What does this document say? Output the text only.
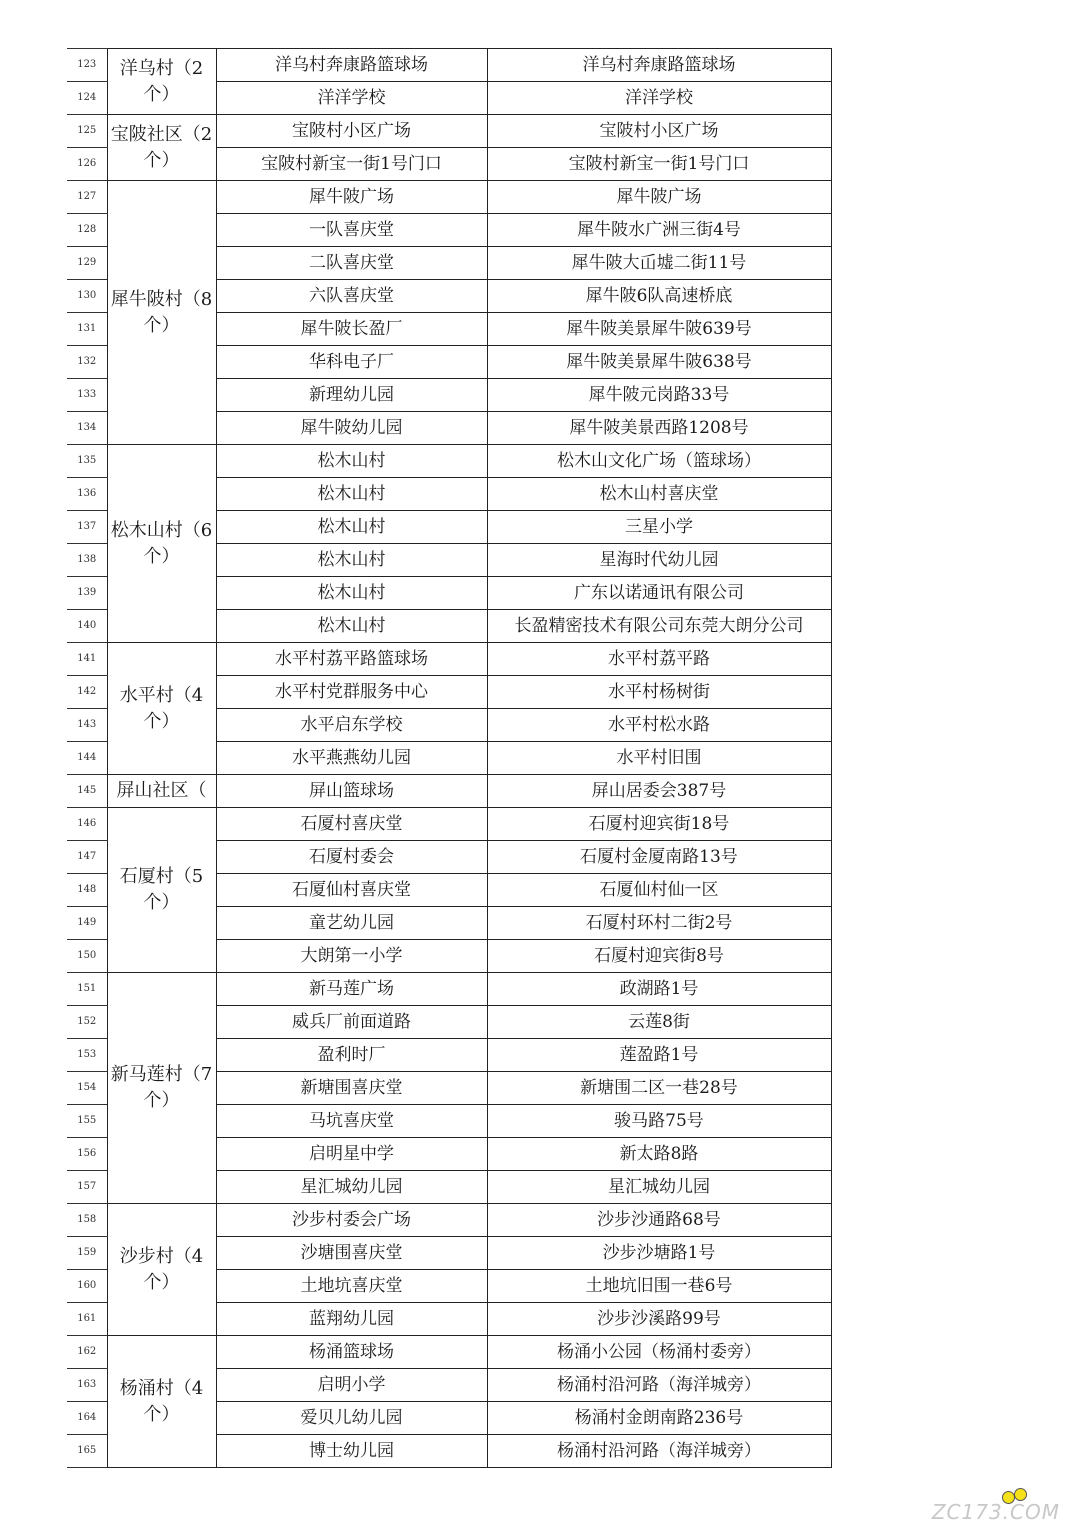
123	洋乌村（2个）	洋乌村奔康路篮球场	洋乌村奔康路篮球场
124		洋洋学校	洋洋学校
125	宝陂社区（2个）	宝陂村小区广场	宝陂村小区广场
126		宝陂村新宝一街1号门口	宝陂村新宝一街1号门口
127	犀牛陂村（8个）	犀牛陂广场	犀牛陂广场
128		一队喜庆堂	犀牛陂水广洲三街4号
129		二队喜庆堂	犀牛陂大屲墟二街11号
130		六队喜庆堂	犀牛陂6队高速桥底
131		犀牛陂长盈厂	犀牛陂美景犀牛陂639号
132		华科电子厂	犀牛陂美景犀牛陂638号
133		新理幼儿园	犀牛陂元岗路33号
134		犀牛陂幼儿园	犀牛陂美景西路1208号
135	松木山村（6个）	松木山村	松木山文化广场（篮球场）
136		松木山村	松木山村喜庆堂
137		松木山村	三星小学
138		松木山村	星海时代幼儿园
139		松木山村	广东以诺通讯有限公司
140		松木山村	长盈精密技术有限公司东莞大朗分公司
141	水平村（4个）	水平村荔平路篮球场	水平村荔平路
142		水平村党群服务中心	水平村杨树街
143		水平启东学校	水平村松水路
144		水平燕燕幼儿园	水平村旧围
145	屏山社区（	屏山篮球场	屏山居委会387号
146	石厦村（5个）	石厦村喜庆堂	石厦村迎宾街18号
147		石厦村委会	石厦村金厦南路13号
148		石厦仙村喜庆堂	石厦仙村仙一区
149		童艺幼儿园	石厦村环村二街2号
150		大朗第一小学	石厦村迎宾街8号
151	新马莲村（7个）	新马莲广场	政湖路1号
152		威兵厂前面道路	云莲8街
153		盈利时厂	莲盈路1号
154		新塘围喜庆堂	新塘围二区一巷28号
155		马坑喜庆堂	骏马路75号
156		启明星中学	新太路8路
157		星汇城幼儿园	星汇城幼儿园
158	沙步村（4个）	沙步村委会广场	沙步沙通路68号
159		沙塘围喜庆堂	沙步沙塘路1号
160		土地坑喜庆堂	土地坑旧围一巷6号
161		蓝翔幼儿园	沙步沙溪路99号
162	杨涌村（4个）	杨涌篮球场	杨涌小公园（杨涌村委旁）
163		启明小学	杨涌村沿河路（海洋城旁）
164		爱贝儿幼儿园	杨涌村金朗南路236号
165		博士幼儿园	杨涌村沿河路（海洋城旁）
ZC173.COM
